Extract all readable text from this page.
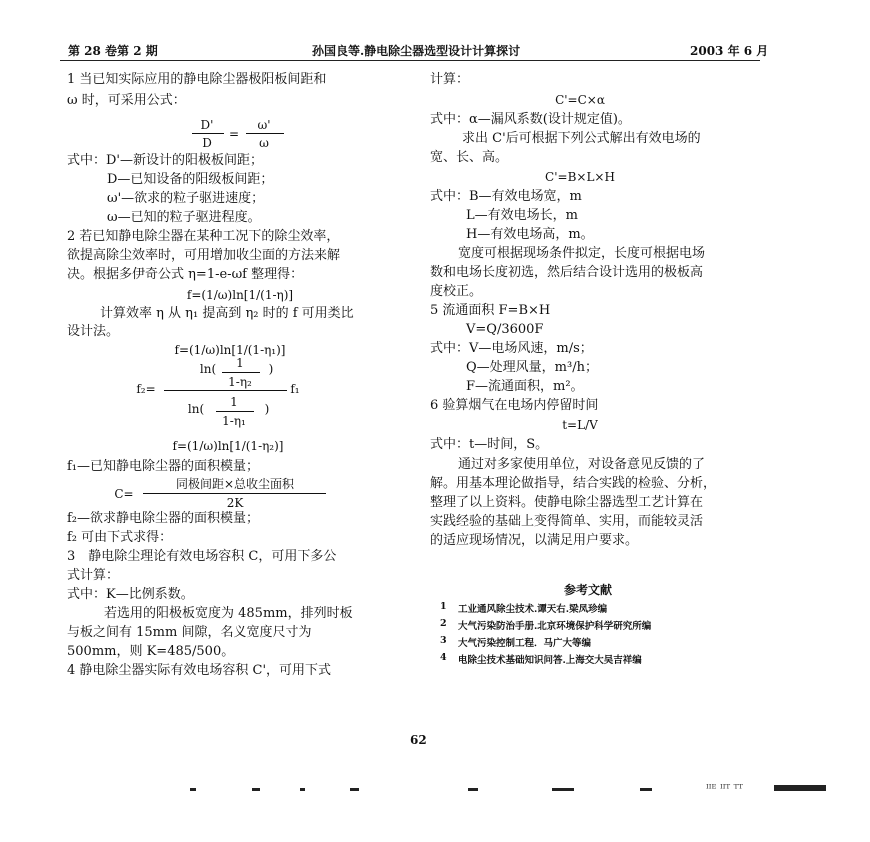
第 28 卷第 2 期	孙国良等.静电除尘器选型设计计算探讨	2003 年 6 月
1 当已知实际应用的静电除尘器极阳板间距和
ω 时，可采用公式：
D'
D
=
ω'
ω
式中：D'—新设计的阳极板间距；
D—已知设备的阳级板间距；
ω'—欲求的粒子驱进速度；
ω—已知的粒子驱进程度。
2 若已知静电除尘器在某种工况下的除尘效率，
欲提高除尘效率时，可用增加收尘面的方法来解
决。根据多伊奇公式 η=1-e-ωf 整理得：
f=(1/ω)ln[1/(1-η)]
计算效率 η 从 η₁ 提高到 η₂ 时的 f 可用类比
设计法。
f=(1/ω)ln[1/(1-η₁)]
ln(	1
1-η₂
)
f₂=	f₁
ln(	1
1-η₁
)
f=(1/ω)ln[1/(1-η₂)]
f₁—已知静电除尘器的面积模量；
C=
同极间距×总收尘面积
2K
f₂—欲求静电除尘器的面积模量；
f₂ 可由下式求得：
3　静电除尘理论有效电场容积 C，可用下多公
式计算：
式中：K—比例系数。
若选用的阳极板宽度为 485mm，排列时板
与板之间有 15mm 间隙，名义宽度尺寸为
500mm，则 K=485/500。
4 静电除尘器实际有效电场容积 C'，可用下式
计算：
C'=C×α
式中：α—漏风系数(设计规定值)。
求出 C'后可根据下列公式解出有效电场的
宽、长、高。
C'=B×L×H
式中：B—有效电场宽，m
L—有效电场长，m
H—有效电场高，m。
宽度可根据现场条件拟定，长度可根据电场
数和电场长度初选，然后结合设计选用的极板高
度校正。
5 流通面积 F=B×H
V=Q/3600F
式中：V—电场风速，m/s；
Q—处理风量，m³/h；
F—流通面积，m²。
6 验算烟气在电场内停留时间
t=L/V
式中：t—时间，S。
通过对多家使用单位，对设备意见反馈的了
解。用基本理论做指导，结合实践的检验、分析，
整理了以上资料。使静电除尘器选型工艺计算在
实践经验的基础上变得简单、实用，而能较灵活
的适应现场情况，以满足用户要求。
参考文献
1 工业通风除尘技术.谭天右.梁凤珍编
2 大气污染防治手册.北京环境保护科学研究所编
3 大气污染控制工程．马广大等编
4 电除尘技术基础知识问答.上海交大吴吉祥编
62
ᴵᴵᴱ ᴵᴵᵀ ᵀᵀ
